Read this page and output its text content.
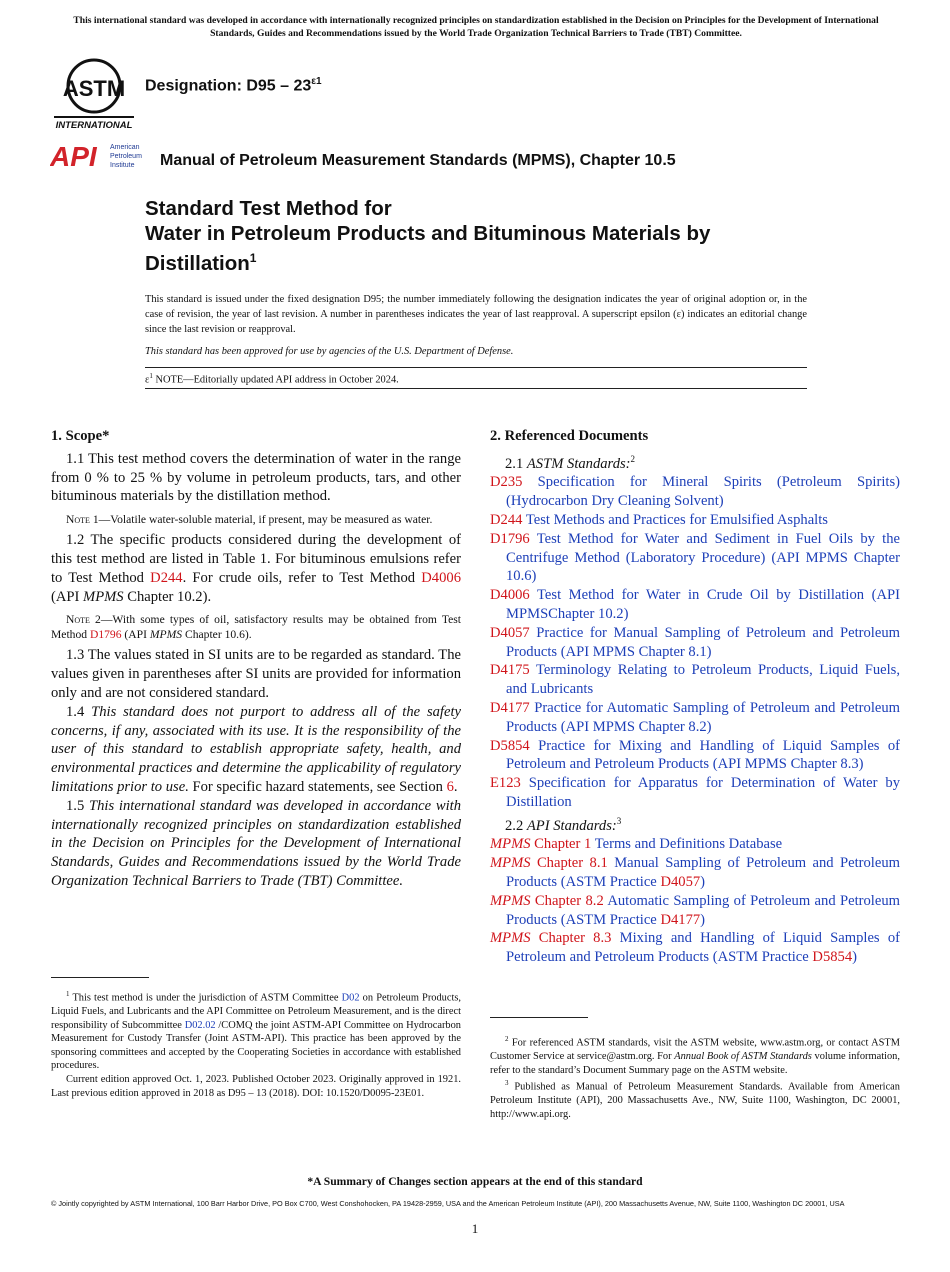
This international standard was developed in accordance with internationally recognized principles on standardization established in the Decision on Principles for the Development of International Standards, Guides and Recommendations issued by the World Trade Organization Technical Barriers to Trade (TBT) Committee.
ASTM
INTERNATIONAL
Designation: $D95 - 23^{\varepsilon 1}$
API American
Petroleum
Institute Manual of Petroleum Measurement Standards (MPMS), Chapter 10.5
Standard Test Method for
Water in Petroleum Products and Bituminous Materials by Distillation$^1$
This standard is issued under the fixed designation D95; the number immediately following the designation indicates the year of original adoption or, in the case of revision, the year of last revision. A number in parentheses indicates the year of last reapproval. A superscript epsilon (ε) indicates an editorial change since the last revision or reapproval.
This standard has been approved for use by agencies of the U.S. Department of Defense.
$\varepsilon^1$ NOTE—Editorially updated API address in October 2024.
1. Scope*

1.1 This test method covers the determination of water in the range from 0 % to 25 % by volume in petroleum products, tars, and other bituminous materials by the distillation method.

Note 1—Volatile water-soluble material, if present, may be measured as water.

1.2 The specific products considered during the development of this test method are listed in Table 1. For bituminous emulsions refer to Test Method D244. For crude oils, refer to Test Method D4006 (API MPMS Chapter 10.2).

Note 2—With some types of oil, satisfactory results may be obtained from Test Method D1796 (API MPMS Chapter 10.6).

1.3 The values stated in SI units are to be regarded as standard. The values given in parentheses after SI units are provided for information only and are not considered standard.

1.4 This standard does not purport to address all of the safety concerns, if any, associated with its use. It is the responsibility of the user of this standard to establish appropriate safety, health, and environmental practices and determine the applicability of regulatory limitations prior to use. For specific hazard statements, see Section 6.

1.5 This international standard was developed in accordance with internationally recognized principles on standardization established in the Decision on Principles for the Development of International Standards, Guides and Recommendations issued by the World Trade Organization Technical Barriers to Trade (TBT) Committee.

$^1$ This test method is under the jurisdiction of ASTM Committee D02 on Petroleum Products, Liquid Fuels, and Lubricants and the API Committee on Petroleum Measurement, and is the direct responsibility of Subcommittee D02.02 /COMQ the joint ASTM-API Committee on Hydrocarbon Measurement for Custody Transfer (Joint ASTM-API). This practice has been approved by the sponsoring committees and accepted by the Cooperating Societies in accordance with established procedures.

Current edition approved Oct. 1, 2023. Published October 2023. Originally approved in 1921. Last previous edition approved in 2018 as D95 – 13 (2018). DOI: 10.1520/D0095-23E01.

2. Referenced Documents

2.1 ASTM Standards:$^2$

D235 Specification for Mineral Spirits (Petroleum Spirits) (Hydrocarbon Dry Cleaning Solvent)

D244 Test Methods and Practices for Emulsified Asphalts

D1796 Test Method for Water and Sediment in Fuel Oils by the Centrifuge Method (Laboratory Procedure) (API MPMS Chapter 10.6)

D4006 Test Method for Water in Crude Oil by Distillation (API MPMSChapter 10.2)

D4057 Practice for Manual Sampling of Petroleum and Petroleum Products (API MPMS Chapter 8.1)

D4175 Terminology Relating to Petroleum Products, Liquid Fuels, and Lubricants

D4177 Practice for Automatic Sampling of Petroleum and Petroleum Products (API MPMS Chapter 8.2)

D5854 Practice for Mixing and Handling of Liquid Samples of Petroleum and Petroleum Products (API MPMS Chapter 8.3)

E123 Specification for Apparatus for Determination of Water by Distillation

2.2 API Standards:$^3$

MPMS Chapter 1 Terms and Definitions Database

MPMS Chapter 8.1 Manual Sampling of Petroleum and Petroleum Products (ASTM Practice D4057)

MPMS Chapter 8.2 Automatic Sampling of Petroleum and Petroleum Products (ASTM Practice D4177)

MPMS Chapter 8.3 Mixing and Handling of Liquid Samples of Petroleum and Petroleum Products (ASTM Practice D5854)

$^2$ For referenced ASTM standards, visit the ASTM website, www.astm.org, or contact ASTM Customer Service at service@astm.org. For Annual Book of ASTM Standards volume information, refer to the standard’s Document Summary page on the ASTM website.

$^3$ Published as Manual of Petroleum Measurement Standards. Available from American Petroleum Institute (API), 200 Massachusetts Ave., NW, Suite 1100, Washington, DC 20001, http://www.api.org.

*A Summary of Changes section appears at the end of this standard
© Jointly copyrighted by ASTM International, 100 Barr Harbor Drive, PO Box C700, West Conshohocken, PA 19428-2959, USA and the American Petroleum Institute (API), 200 Massachusetts Avenue, NW, Suite 1100, Washington DC 20001, USA
1
